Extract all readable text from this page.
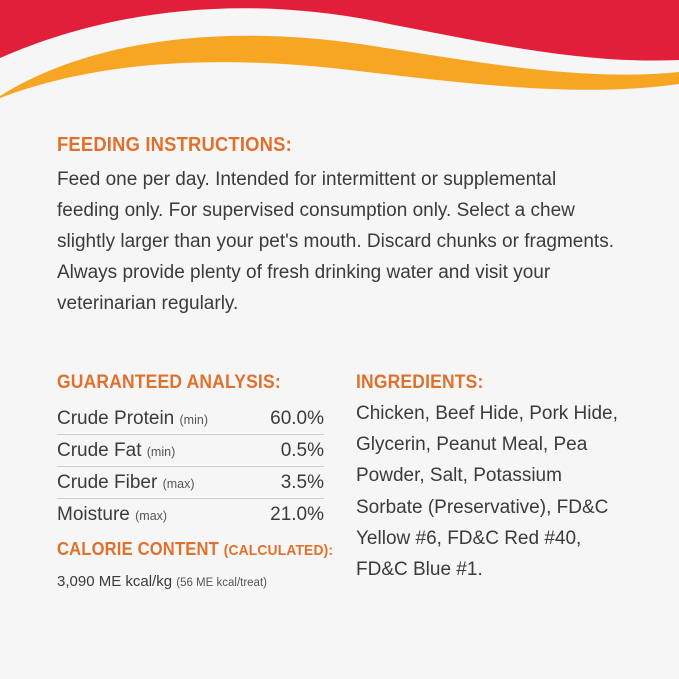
FEEDING INSTRUCTIONS:

Feed one per day. Intended for intermittent or supplemental feeding only. For supervised consumption only. Select a chew slightly larger than your pet's mouth. Discard chunks or fragments. Always provide plenty of fresh drinking water and visit your veterinarian regularly.

GUARANTEED ANALYSIS:
Crude Protein (min)	60.0%
Crude Fat (min)	0.5%
Crude Fiber (max)	3.5%
Moisture (max)	21.0%
CALORIE CONTENT (CALCULATED):
3,090 ME kcal/kg (56 ME kcal/treat)
INGREDIENTS:

Chicken, Beef Hide, Pork Hide, Glycerin, Peanut Meal, Pea Powder, Salt, Potassium Sorbate (Preservative), FD&C Yellow #6, FD&C Red #40, FD&C Blue #1.
